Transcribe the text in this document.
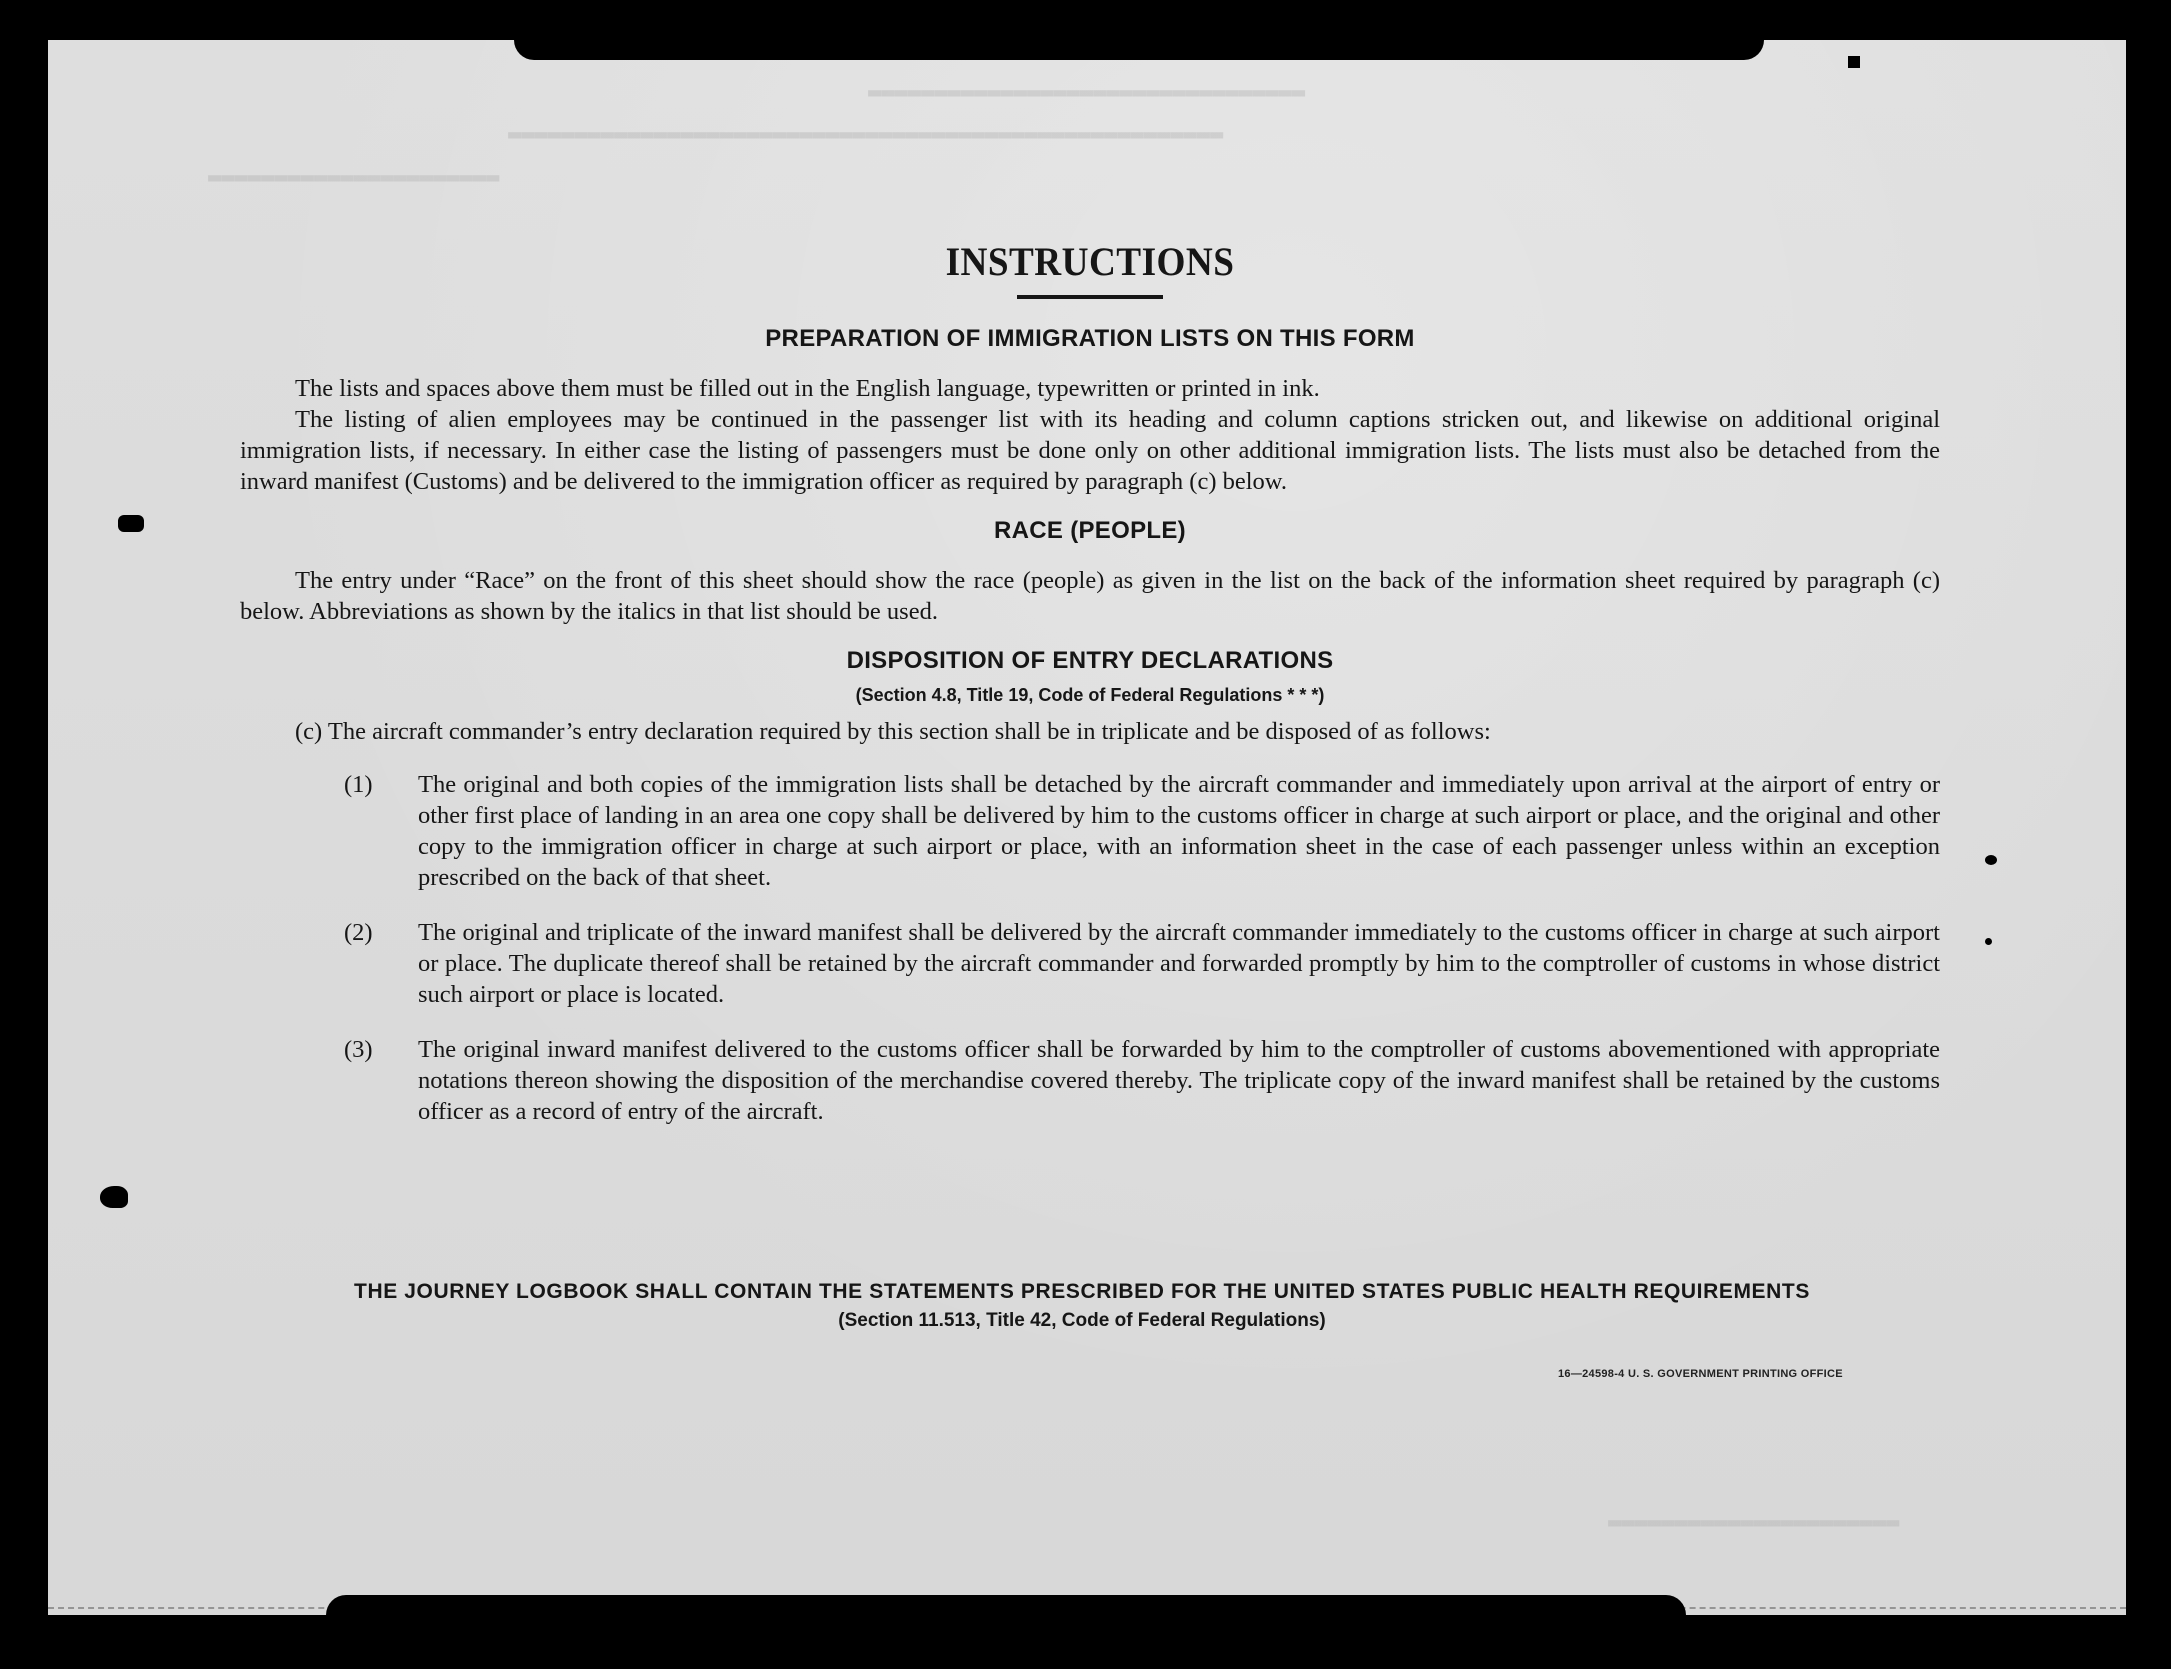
▬▬▬▬▬▬▬▬▬▬▬▬▬▬▬▬▬▬▬▬▬▬▬▬▬▬▬▬▬▬▬▬▬
▬▬▬▬▬▬▬▬▬▬▬▬▬▬▬▬▬▬▬▬▬▬▬▬▬▬▬▬▬▬▬▬▬▬▬▬▬▬▬▬▬▬▬▬▬▬▬▬▬▬▬▬▬▬
▬▬▬▬▬▬▬▬▬▬▬▬▬▬▬▬▬▬▬▬▬▬
▬▬▬▬▬▬▬▬▬▬▬▬▬▬▬▬▬▬▬▬▬▬
INSTRUCTIONS
PREPARATION OF IMMIGRATION LISTS ON THIS FORM

The lists and spaces above them must be filled out in the English language, typewritten or printed in ink.

The listing of alien employees may be continued in the passenger list with its heading and column captions stricken out, and likewise on additional original immigration lists, if necessary. In either case the listing of passengers must be done only on other additional immigration lists. The lists must also be detached from the inward manifest (Customs) and be delivered to the immigration officer as required by paragraph (c) below.

RACE (PEOPLE)

The entry under “Race” on the front of this sheet should show the race (people) as given in the list on the back of the information sheet required by paragraph (c) below. Abbreviations as shown by the italics in that list should be used.

DISPOSITION OF ENTRY DECLARATIONS
(Section 4.8, Title 19, Code of Federal Regulations * * *)

(c) The aircraft commander’s entry declaration required by this section shall be in triplicate and be disposed of as follows:

(1) The original and both copies of the immigration lists shall be detached by the aircraft commander and immediately upon arrival at the airport of entry or other first place of landing in an area one copy shall be delivered by him to the customs officer in charge at such airport or place, and the original and other copy to the immigration officer in charge at such airport or place, with an information sheet in the case of each passenger unless within an exception prescribed on the back of that sheet.
(2) The original and triplicate of the inward manifest shall be delivered by the aircraft commander immediately to the customs officer in charge at such airport or place. The duplicate thereof shall be retained by the aircraft commander and forwarded promptly by him to the comptroller of customs in whose district such airport or place is located.
(3) The original inward manifest delivered to the customs officer shall be forwarded by him to the comptroller of customs abovementioned with appropriate notations thereon showing the disposition of the merchandise covered thereby. The triplicate copy of the inward manifest shall be retained by the customs officer as a record of entry of the aircraft.
THE JOURNEY LOGBOOK SHALL CONTAIN THE STATEMENTS PRESCRIBED FOR THE UNITED STATES PUBLIC HEALTH REQUIREMENTS
(Section 11.513, Title 42, Code of Federal Regulations)
16—24598-4 U. S. GOVERNMENT PRINTING OFFICE
